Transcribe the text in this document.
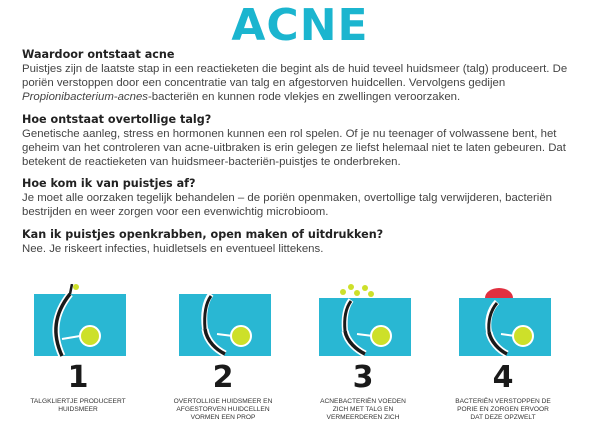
ACNE
Waardoor ontstaat acne
Puistjes zijn de laatste stap in een reactieketen die begint als de huid teveel huidsmeer (talg) produceert. De poriën verstoppen door een concentratie van talg en afgestorven huidcellen. Vervolgens gedijen Propionibacterium-acnes-bacteriën en kunnen rode vlekjes en zwellingen veroorzaken.
Hoe ontstaat overtollige talg?
Genetische aanleg, stress en hormonen kunnen een rol spelen. Of je nu teenager of volwassene bent, het geheim van het controleren van acne-uitbraken is erin gelegen ze liefst helemaal niet te laten gebeuren. Dat betekent de reactieketen van huidsmeer-bacteriën-puistjes te onderbreken.
Hoe kom ik van puistjes af?
Je moet alle oorzaken tegelijk behandelen – de poriën openmaken, overtollige talg verwijderen, bacteriën bestrijden en weer zorgen voor een evenwichtig microbioom.
Kan ik puistjes openkrabben, open maken of uitdrukken?
Nee. Je riskeert infecties, huidletsels en eventueel littekens.
1
TALGKLIERTJE PRODUCEERT
HUIDSMEER
2
OVERTOLLIGE HUIDSMEER EN
AFGESTORVEN HUIDCELLEN
VORMEN EEN PROP
3
ACNEBACTERIËN VOEDEN
ZICH MET TALG EN
VERMEERDEREN ZICH
4
BACTERIËN VERSTOPPEN DE
PORIE EN ZORGEN ERVOOR
DAT DEZE OPZWELT
